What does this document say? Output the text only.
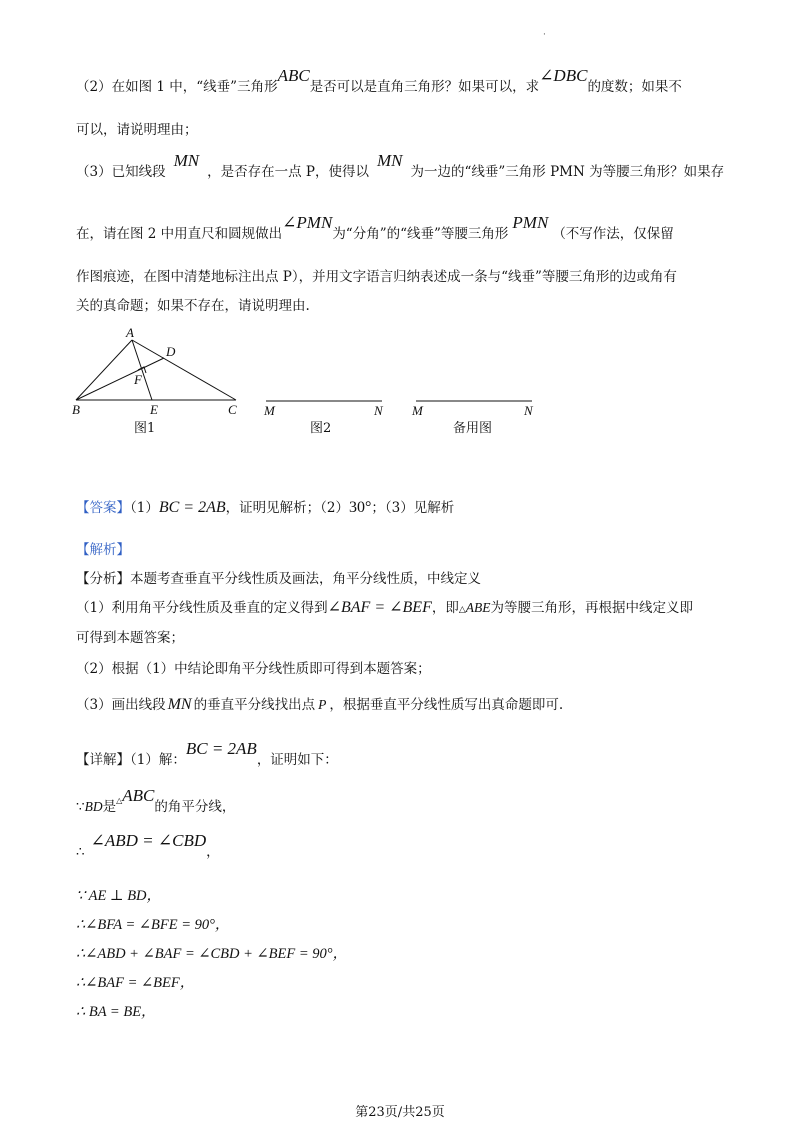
·
（2）在如图 1 中，“线垂”三角形ABC是否可以是直角三角形？如果可以，求∠DBC的度数；如果不
可以，请说明理由；
（3）已知线段MN，是否存在一点 P，使得以MN为一边的“线垂”三角形 PMN 为等腰三角形？如果存
在，请在图 2 中用直尺和圆规做出∠PMN为“分角”的“线垂”等腰三角形PMN（不写作法，仅保留
作图痕迹，在图中清楚地标注出点 P），并用文字语言归纳表述成一条与“线垂”等腰三角形的边或角有
关的真命题；如果不存在，请说明理由.
A
D
F
B	E	C
图1
M	N
图2
M	N
备用图
【答案】（1）BC = 2AB，证明见解析；（2）30°；（3）见解析
【解析】
【分析】本题考查垂直平分线性质及画法，角平分线性质，中线定义
（1）利用角平分线性质及垂直的定义得到∠BAF = ∠BEF，即△ABE为等腰三角形，再根据中线定义即
可得到本题答案；
（2）根据（1）中结论即角平分线性质即可得到本题答案；
（3）画出线段 MN 的垂直平分线找出点 P ，根据垂直平分线性质写出真命题即可.
【详解】（1）解：BC = 2AB，证明如下：
∵BD是△ABC的角平分线，
∴∠ABD = ∠CBD，
∵ AE ⊥ BD，
∴∠BFA = ∠BFE = 90°，
∴∠ABD + ∠BAF = ∠CBD + ∠BEF = 90°，
∴∠BAF = ∠BEF，
∴ BA = BE，
第23页/共25页
